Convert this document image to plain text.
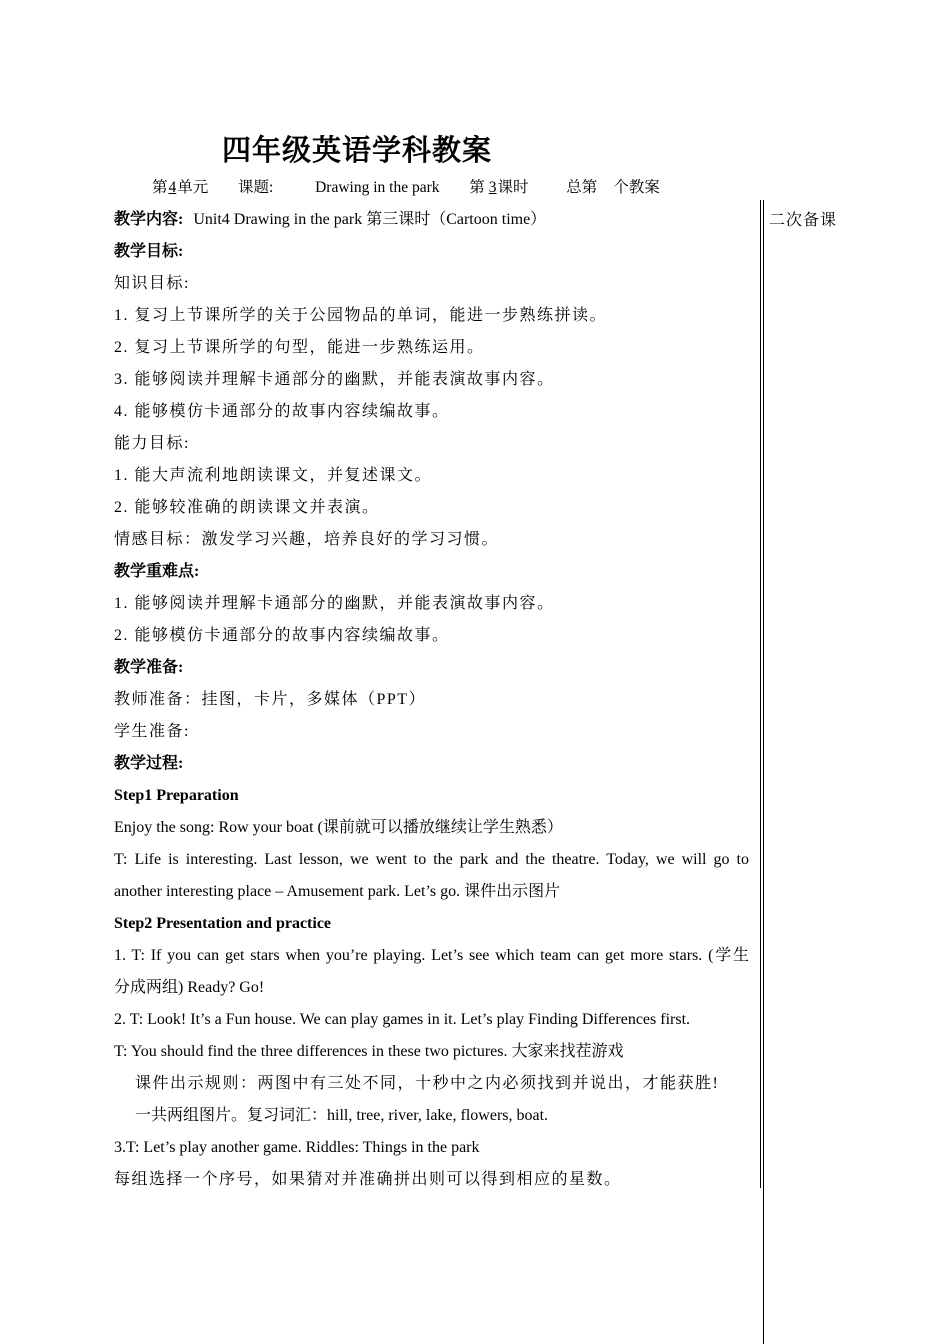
四年级英语学科教案
第4单元 课题:	Drawing in the park 第 3课时 总第 个教案
二次备课
教学内容: Unit4 Drawing in the park 第三课时（Cartoon time）
教学目标:
知识目标:
1. 复习上节课所学的关于公园物品的单词，能进一步熟练拼读。
2. 复习上节课所学的句型，能进一步熟练运用。
3. 能够阅读并理解卡通部分的幽默，并能表演故事内容。
4. 能够模仿卡通部分的故事内容续编故事。
能力目标:
1. 能大声流利地朗读课文，并复述课文。
2. 能够较准确的朗读课文并表演。
情感目标：激发学习兴趣，培养良好的学习习惯。
教学重难点:
1. 能够阅读并理解卡通部分的幽默，并能表演故事内容。
2. 能够模仿卡通部分的故事内容续编故事。
教学准备:
教师准备：挂图，卡片，多媒体（PPT）
学生准备:
教学过程:
Step1 Preparation
Enjoy the song: Row your boat (课前就可以播放继续让学生熟悉）
T: Life is interesting. Last lesson, we went to the park and the theatre. Today, we will go to
another interesting place – Amusement park. Let’s go. 课件出示图片
Step2 Presentation and practice
1. T: If you can get stars when you’re playing. Let’s see which team can get more stars. (学生
分成两组) Ready? Go!
2. T: Look! It’s a Fun house. We can play games in it. Let’s play Finding Differences first.
T: You should find the three differences in these two pictures. 大家来找茬游戏
课件出示规则：两图中有三处不同，十秒中之内必须找到并说出，才能获胜!
一共两组图片。复习词汇：hill, tree, river, lake, flowers, boat.
3.T: Let’s play another game. Riddles: Things in the park
每组选择一个序号，如果猜对并准确拼出则可以得到相应的星数。
